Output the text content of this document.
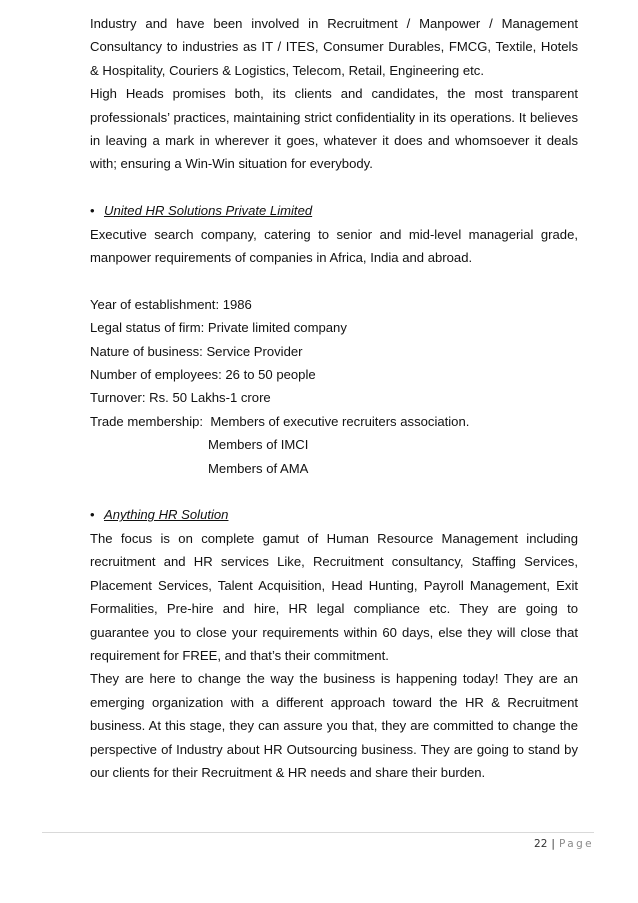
Industry and have been involved in Recruitment / Manpower / Management Consultancy to industries as IT / ITES, Consumer Durables, FMCG, Textile, Hotels & Hospitality, Couriers & Logistics, Telecom, Retail, Engineering etc.

High Heads promises both, its clients and candidates, the most transparent professionals’ practices, maintaining strict confidentiality in its operations. It believes in leaving a mark in wherever it goes, whatever it does and whomsoever it deals with; ensuring a Win-Win situation for everybody.

• United HR Solutions Private Limited

Executive search company, catering to senior and mid-level managerial grade, manpower requirements of companies in Africa, India and abroad.

Year of establishment: 1986

Legal status of firm: Private limited company

Nature of business: Service Provider

Number of employees: 26 to 50 people

Turnover: Rs. 50 Lakhs-1 crore

Trade membership: Members of executive recruiters association.

Members of IMCI

Members of AMA

• Anything HR Solution

The focus is on complete gamut of Human Resource Management including recruitment and HR services Like, Recruitment consultancy, Staffing Services, Placement Services, Talent Acquisition, Head Hunting, Payroll Management, Exit Formalities, Pre-hire and hire, HR legal compliance etc. They are going to guarantee you to close your requirements within 60 days, else they will close that requirement for FREE, and that’s their commitment.

They are here to change the way the business is happening today! They are an emerging organization with a different approach toward the HR & Recruitment business. At this stage, they can assure you that, they are committed to change the perspective of Industry about HR Outsourcing business. They are going to stand by our clients for their Recruitment & HR needs and share their burden.

22 | Page
